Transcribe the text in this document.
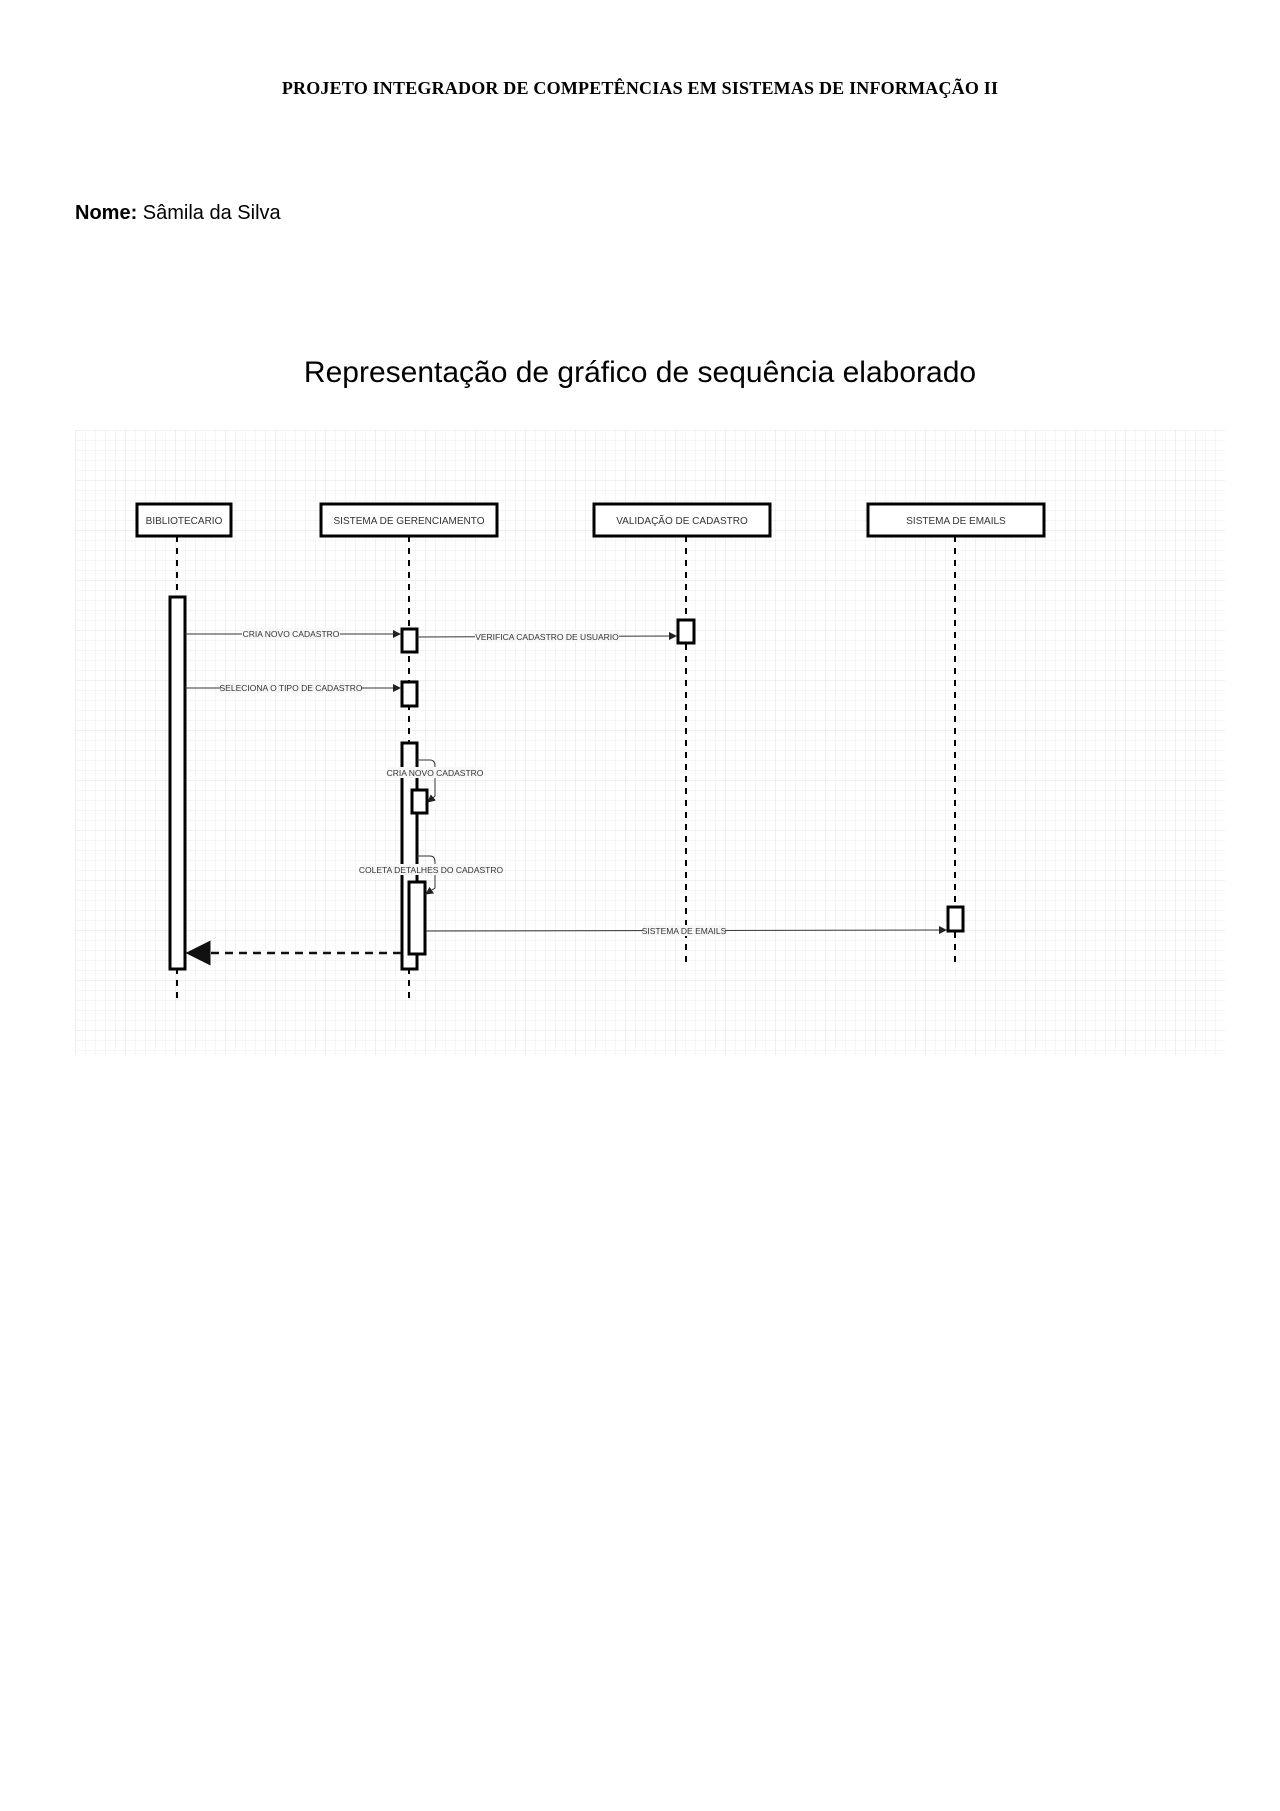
PROJETO INTEGRADOR DE COMPETÊNCIAS EM SISTEMAS DE INFORMAÇÃO II
Nome: Sâmila da Silva
Representação de gráfico de sequência elaborado
BIBLIOTECARIO	SISTEMA DE GERENCIAMENTO	VALIDAÇÃO DE CADASTRO	SISTEMA DE EMAILS
CRIA NOVO CADASTRO	VERIFICA CADASTRO DE USUARIO
SELECIONA O TIPO DE CADASTRO
CRIA NOVO CADASTRO
COLETA DETALHES DO CADASTRO
SISTEMA DE EMAILS
